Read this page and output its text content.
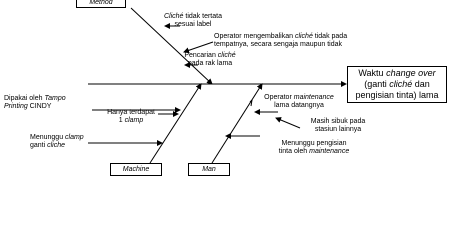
Method
Machine	Man
Waktu change over
(ganti cliché dan
pengisian tinta) lama
Cliché tidak tertata
sesuai label
Operator mengembalikan cliché tidak pada
tempatnya, secara sengaja maupun tidak
Pencarian cliché
pada rak lama
Dipakai oleh Tampo
Printing CINDY
Hanya terdapat
1 clamp
Menunggu clamp
ganti cliche
Operator maintenance
lama datangnya
Masih sibuk pada
stasiun lainnya
Menunggu pengisian
tinta oleh maintenance
